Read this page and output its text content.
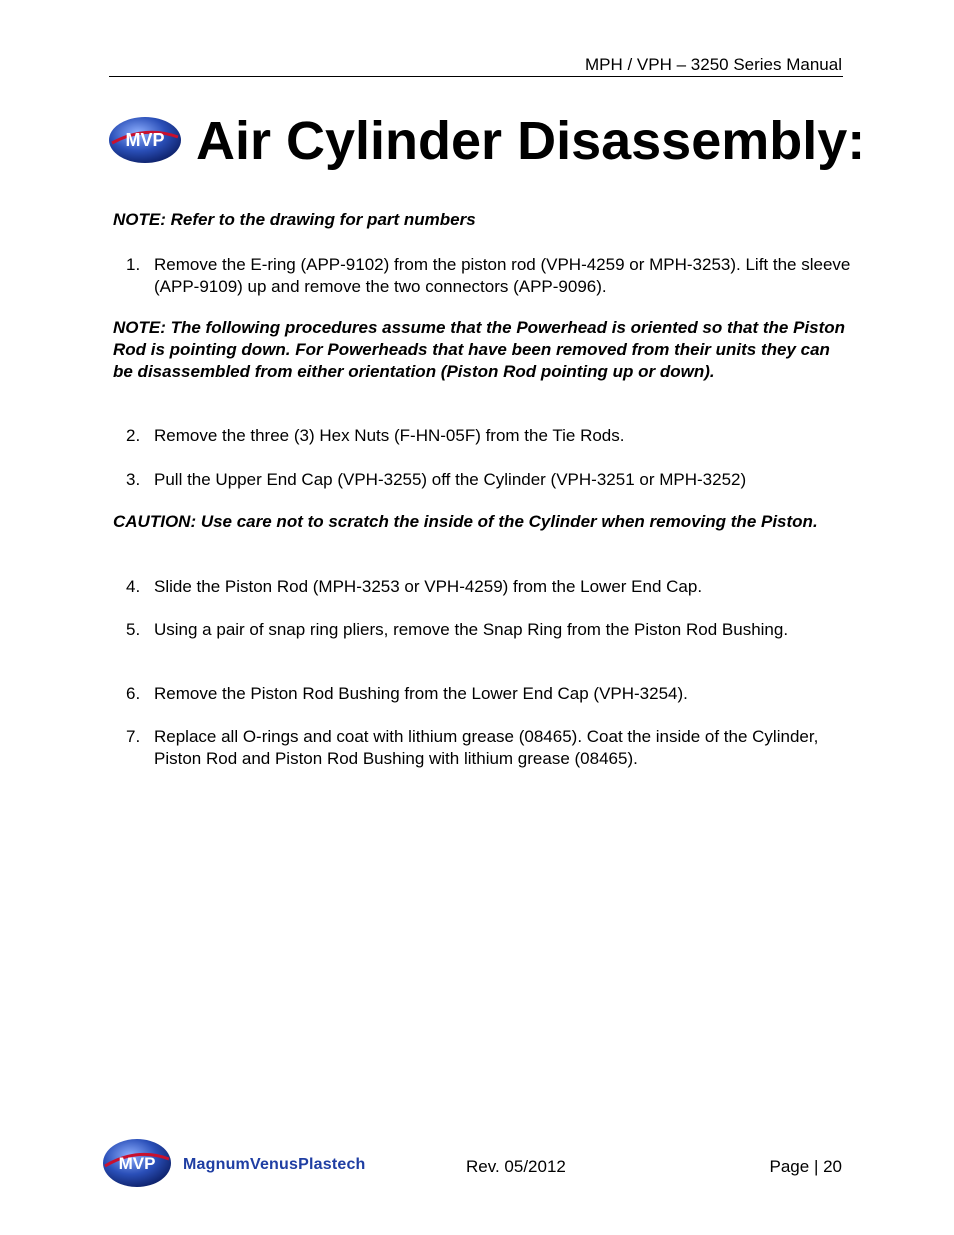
MPH / VPH – 3250 Series Manual
MVP Air Cylinder Disassembly:
NOTE: Refer to the drawing for part numbers
1. Remove the E-ring (APP-9102) from the piston rod (VPH-4259 or MPH-3253). Lift the sleeve (APP-9109) up and remove the two connectors (APP-9096).
NOTE: The following procedures assume that the Powerhead is oriented so that the Piston Rod is pointing down. For Powerheads that have been removed from their units they can be disassembled from either orientation (Piston Rod pointing up or down).
2. Remove the three (3) Hex Nuts (F-HN-05F) from the Tie Rods.
3. Pull the Upper End Cap (VPH-3255) off the Cylinder (VPH-3251 or MPH-3252)
CAUTION: Use care not to scratch the inside of the Cylinder when removing the Piston.
4. Slide the Piston Rod (MPH-3253 or VPH-4259) from the Lower End Cap.
5. Using a pair of snap ring pliers, remove the Snap Ring from the Piston Rod Bushing.
6. Remove the Piston Rod Bushing from the Lower End Cap (VPH-3254).
7. Replace all O-rings and coat with lithium grease (08465). Coat the inside of the Cylinder, Piston Rod and Piston Rod Bushing with lithium grease (08465).
MVP MagnumVenusPlastech	Rev. 05/2012	Page | 20
